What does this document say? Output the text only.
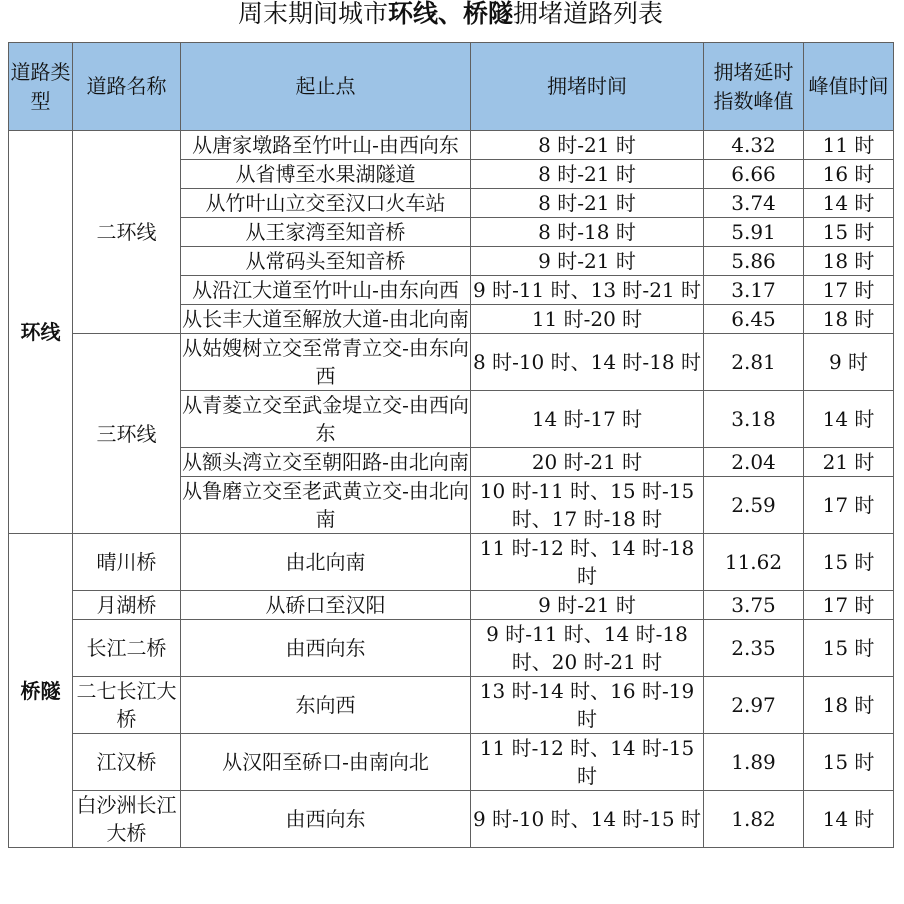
周末期间城市环线、桥隧拥堵道路列表
道路类型	道路名称	起止点	拥堵时间	拥堵延时指数峰值	峰值时间
环线	二环线	从唐家墩路至竹叶山-由西向东	8 时-21 时	4.32	11 时
		从省博至水果湖隧道	8 时-21 时	6.66	16 时
		从竹叶山立交至汉口火车站	8 时-21 时	3.74	14 时
		从王家湾至知音桥	8 时-18 时	5.91	15 时
		从常码头至知音桥	9 时-21 时	5.86	18 时
		从沿江大道至竹叶山-由东向西	9 时-11 时、13 时-21 时	3.17	17 时
		从长丰大道至解放大道-由北向南	11 时-20 时	6.45	18 时
	三环线	从姑嫂树立交至常青立交-由东向西	8 时-10 时、14 时-18 时	2.81	9 时
		从青菱立交至武金堤立交-由西向东	14 时-17 时	3.18	14 时
		从额头湾立交至朝阳路-由北向南	20 时-21 时	2.04	21 时
		从鲁磨立交至老武黄立交-由北向南	10 时-11 时、15 时-15 时、17 时-18 时	2.59	17 时
桥隧	晴川桥	由北向南	11 时-12 时、14 时-18 时	11.62	15 时
	月湖桥	从硚口至汉阳	9 时-21 时	3.75	17 时
	长江二桥	由西向东	9 时-11 时、14 时-18 时、20 时-21 时	2.35	15 时
	二七长江大桥	东向西	13 时-14 时、16 时-19 时	2.97	18 时
	江汉桥	从汉阳至硚口-由南向北	11 时-12 时、14 时-15 时	1.89	15 时
	白沙洲长江大桥	由西向东	9 时-10 时、14 时-15 时	1.82	14 时
